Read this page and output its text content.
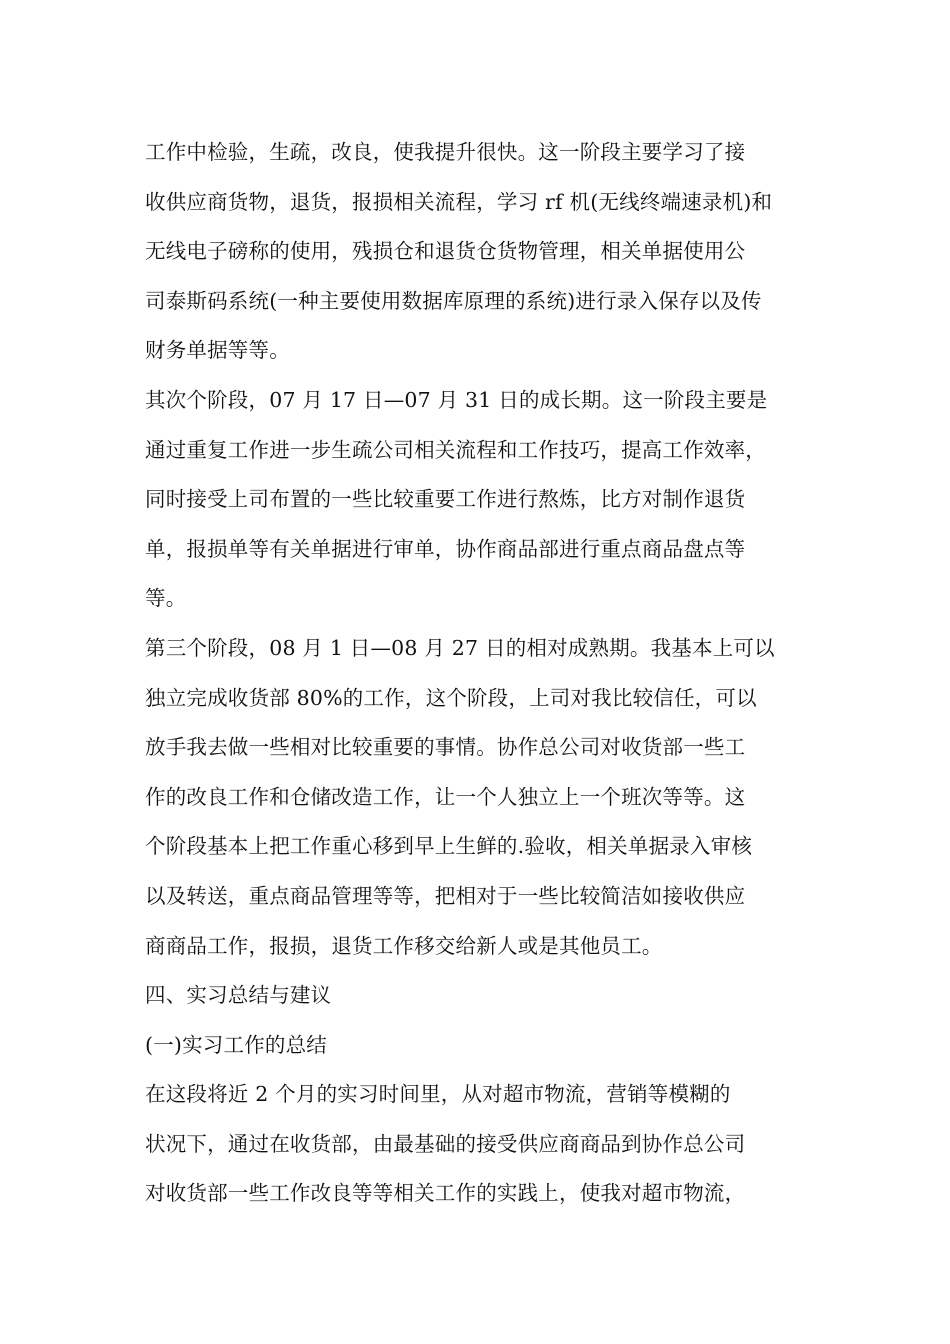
工作中检验，生疏，改良，使我提升很快。这一阶段主要学习了接
收供应商货物，退货，报损相关流程，学习 rf 机(无线终端速录机)和
无线电子磅称的使用，残损仓和退货仓货物管理，相关单据使用公
司泰斯码系统(一种主要使用数据库原理的系统)进行录入保存以及传
财务单据等等。
其次个阶段，07 月 17 日—07 月 31 日的成长期。这一阶段主要是
通过重复工作进一步生疏公司相关流程和工作技巧，提高工作效率，
同时接受上司布置的一些比较重要工作进行熬炼，比方对制作退货
单，报损单等有关单据进行审单，协作商品部进行重点商品盘点等
等。
第三个阶段，08 月 1 日—08 月 27 日的相对成熟期。我基本上可以
独立完成收货部 80%的工作，这个阶段，上司对我比较信任，可以
放手我去做一些相对比较重要的事情。协作总公司对收货部一些工
作的改良工作和仓储改造工作，让一个人独立上一个班次等等。这
个阶段基本上把工作重心移到早上生鲜的.验收，相关单据录入审核
以及转送，重点商品管理等等，把相对于一些比较简洁如接收供应
商商品工作，报损，退货工作移交给新人或是其他员工。
四、实习总结与建议
(一)实习工作的总结
在这段将近 2 个月的实习时间里，从对超市物流，营销等模糊的
状况下，通过在收货部，由最基础的接受供应商商品到协作总公司
对收货部一些工作改良等等相关工作的实践上，使我对超市物流，
